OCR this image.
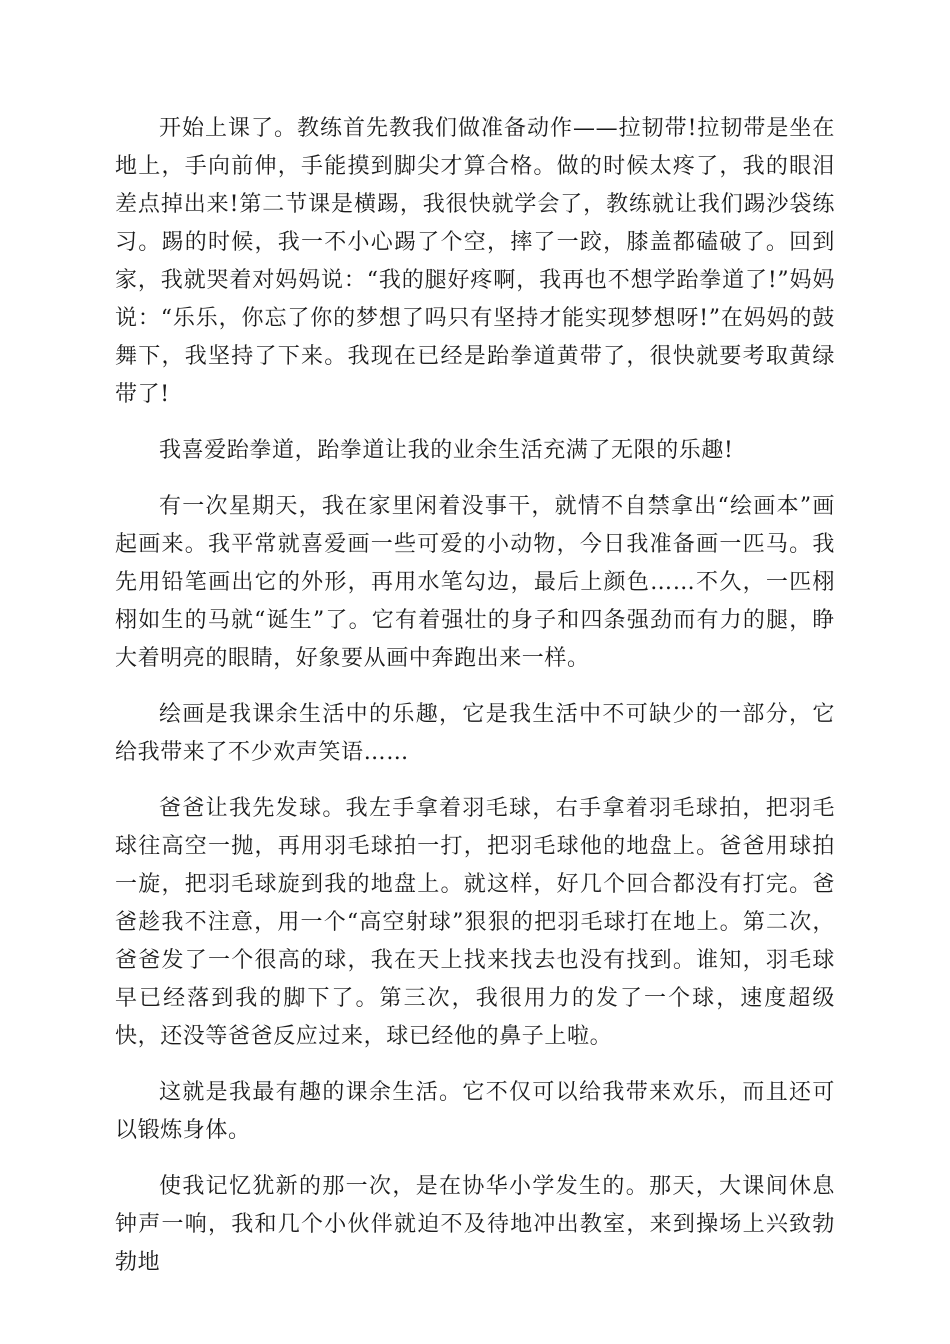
开始上课了。教练首先教我们做准备动作——拉韧带!拉韧带是坐在地上，手向前伸，手能摸到脚尖才算合格。做的时候太疼了，我的眼泪差点掉出来!第二节课是横踢，我很快就学会了，教练就让我们踢沙袋练习。踢的时候，我一不小心踢了个空，摔了一跤，膝盖都磕破了。回到家，我就哭着对妈妈说：“我的腿好疼啊，我再也不想学跆拳道了!”妈妈说：“乐乐，你忘了你的梦想了吗只有坚持才能实现梦想呀!”在妈妈的鼓舞下，我坚持了下来。我现在已经是跆拳道黄带了，很快就要考取黄绿带了!

我喜爱跆拳道，跆拳道让我的业余生活充满了无限的乐趣!

有一次星期天，我在家里闲着没事干，就情不自禁拿出“绘画本”画起画来。我平常就喜爱画一些可爱的小动物，今日我准备画一匹马。我先用铅笔画出它的外形，再用水笔勾边，最后上颜色……不久，一匹栩栩如生的马就“诞生”了。它有着强壮的身子和四条强劲而有力的腿，睁大着明亮的眼睛，好象要从画中奔跑出来一样。

绘画是我课余生活中的乐趣，它是我生活中不可缺少的一部分，它给我带来了不少欢声笑语……

爸爸让我先发球。我左手拿着羽毛球，右手拿着羽毛球拍，把羽毛球往高空一抛，再用羽毛球拍一打，把羽毛球他的地盘上。爸爸用球拍一旋，把羽毛球旋到我的地盘上。就这样，好几个回合都没有打完。爸爸趁我不注意，用一个“高空射球”狠狠的把羽毛球打在地上。第二次，爸爸发了一个很高的球，我在天上找来找去也没有找到。谁知，羽毛球早已经落到我的脚下了。第三次，我很用力的发了一个球，速度超级快，还没等爸爸反应过来，球已经他的鼻子上啦。

这就是我最有趣的课余生活。它不仅可以给我带来欢乐，而且还可以锻炼身体。

使我记忆犹新的那一次，是在协华小学发生的。那天，大课间休息钟声一响，我和几个小伙伴就迫不及待地冲出教室，来到操场上兴致勃勃地
